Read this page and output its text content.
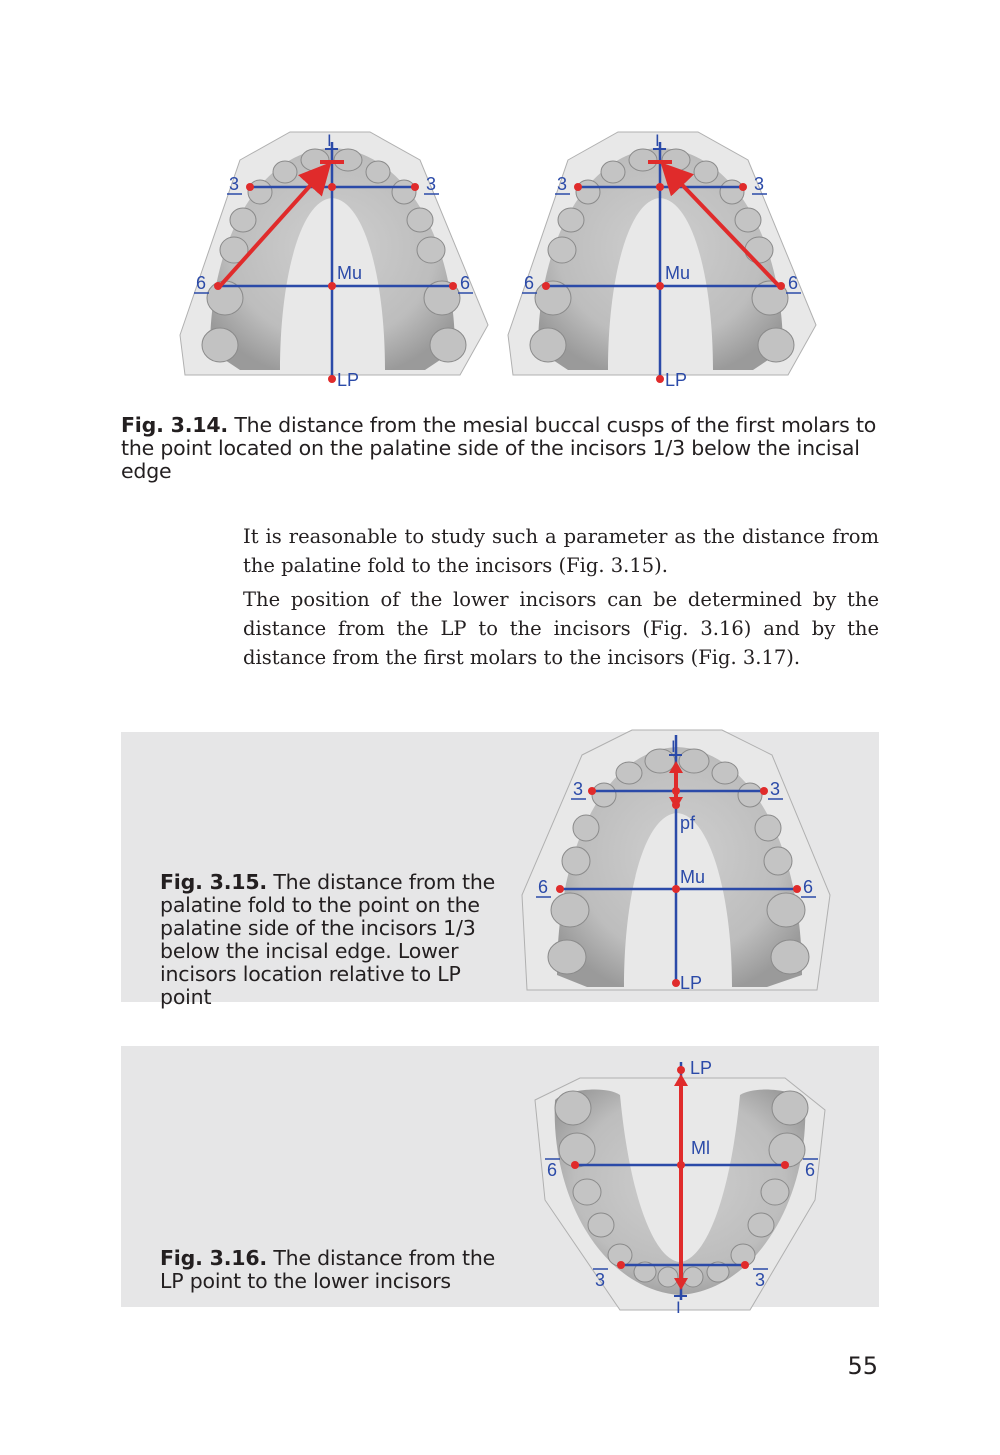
I
3	3
6	6
Mu
LP
I
3	3
6	6
Mu
LP
Fig. 3.14. The distance from the mesial buccal cusps of the first molars to the point located on the palatine side of the incisors 1/3 below the incisal edge

It is reasonable to study such a parameter as the distance from the palatine fold to the incisors (Fig. 3.15).

The position of the lower incisors can be determined by the distance from the LP to the incisors (Fig. 3.16) and by the distance from the first molars to the incisors (Fig. 3.17).

Fig. 3.15. The distance from the palatine fold to the point on the palatine side of the incisors 1/3 below the incisal edge. Lower incisors location relative to LP point
I
3	3
pf
6	6
Mu
LP
Fig. 3.16. The distance from the LP point to the lower incisors
LP
Ml
6	6
3	3
I
55
